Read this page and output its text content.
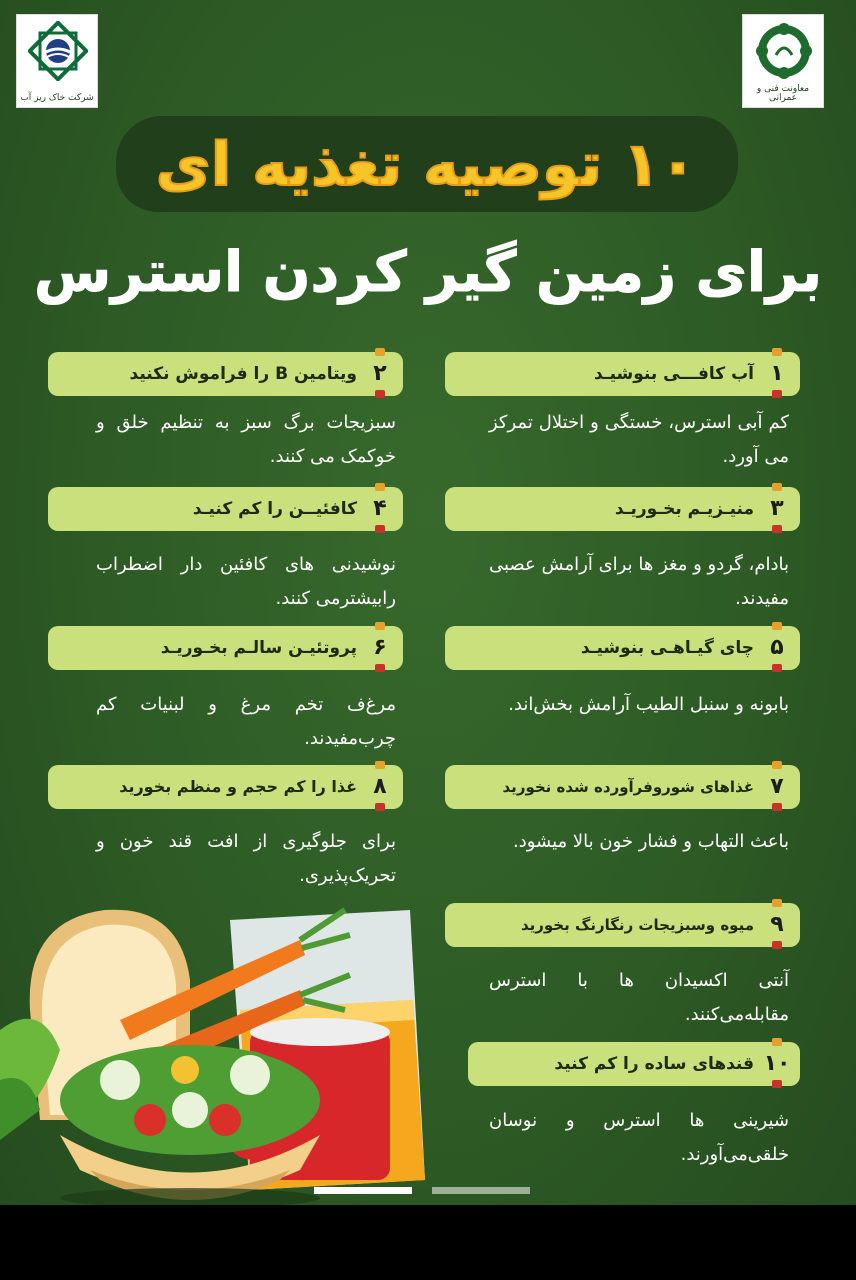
شرکت خاک ریز آب
معاونت فنی و عمرانی
۱۰ توصیه تغذیه ای
برای زمین گیر کردن استرس
۱
آب کافـــی بنوشیـد
کم آبی استرس، خستگی و اختلال تمرکز می آورد.
۲
ویتامین B را فراموش نکنید
سبزیجات برگ سبز به تنظیم خلق و خوکمک می کنند.
۳
منیـزیـم بخـوریـد
بادام، گردو و مغز ها برای آرامش عصبی مفیدند.
۴
کافئیــن را کم کنیـد
نوشیدنی های کافئین دار اضطراب رابیشترمی کنند.
۵
چای گیـاهـی بنوشیـد
بابونه و سنبل الطیب آرامش بخش‌اند.
۶
پروتئیـن سالـم بخـوریـد
مرغ‌ف تخم مرغ و لبنیات کم چرب‌مفیدند.
۷
غذاهای شوروفرآورده شده نخورید
باعث التهاب و فشار خون بالا میشود.
۸
غذا را کم حجم و منظم بخورید
برای جلوگیری از افت قند خون و تحریک‌پذیری.
۹
میوه وسبزیجات رنگارنگ بخورید
آنتی اکسیدان ها با استرس مقابله‌می‌کنند.
۱۰
قندهای ساده را کم کنید
شیرینی ها استرس و نوسان خلقی‌می‌آورند.
